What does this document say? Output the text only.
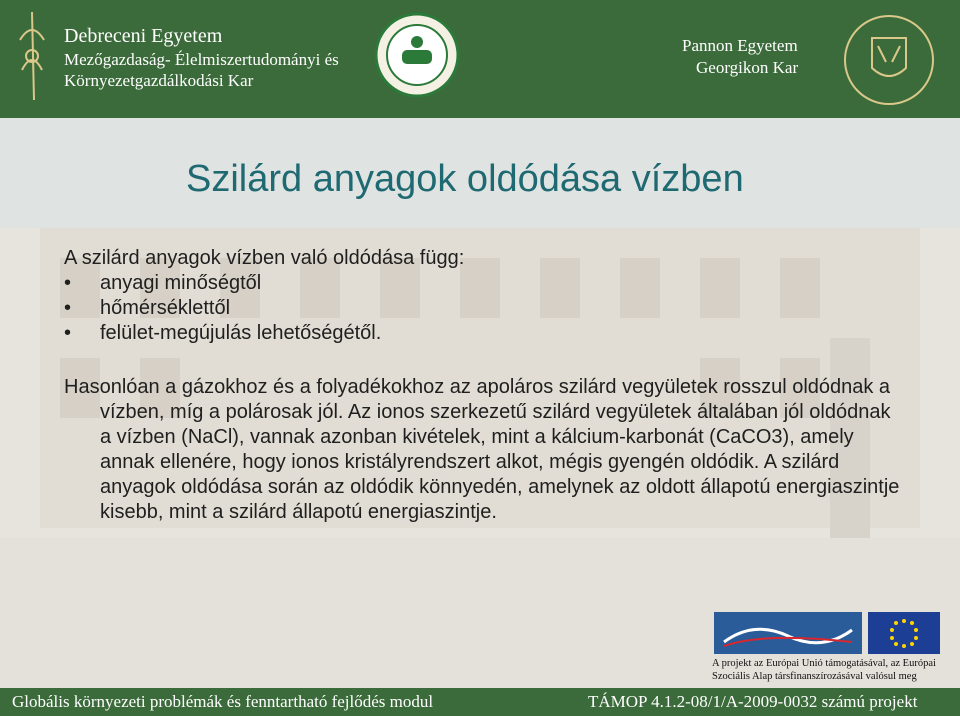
Debreceni Egyetem
Mezőgazdaság- Élelmiszertudományi és
Környezetgazdálkodási Kar
Pannon Egyetem
Georgikon Kar
Szilárd anyagok oldódása vízben

A szilárd anyagok vízben való oldódása függ:

• anyagi minőségtől
• hőmérséklettől
• felület-megújulás lehetőségétől.

Hasonlóan a gázokhoz és a folyadékokhoz az apoláros szilárd vegyületek rosszul oldódnak a vízben, míg a polárosak jól. Az ionos szerkezetű szilárd vegyületek általában jól oldódnak a vízben (NaCl), vannak azonban kivételek, mint a kálcium-karbonát (CaCO3), amely annak ellenére, hogy ionos kristályrendszert alkot, mégis gyengén oldódik. A szilárd anyagok oldódása során az oldódik könnyedén, amelynek az oldott állapotú energiaszintje kisebb, mint a szilárd állapotú energiaszintje.

A projekt az Európai Unió támogatásával, az Európai
Szociális Alap társfinanszírozásával valósul meg
Globális környezeti problémák és fenntartható fejlődés modul	TÁMOP 4.1.2-08/1/A-2009-0032 számú projekt
